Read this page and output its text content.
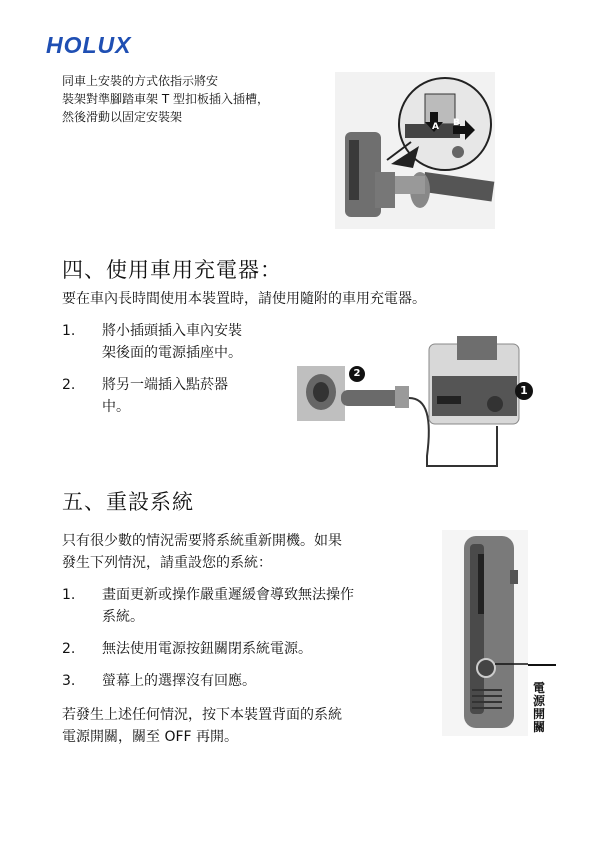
HOLUX
同車上安裝的方式依指示將安
裝架對準腳踏車架 T 型扣板插入插槽，
然後滑動以固定安裝架
A B
四、使用車用充電器：
要在車內長時間使用本裝置時，請使用隨附的車用充電器。
1. 將小插頭插入車內安裝
架後面的電源插座中。
2. 將另一端插入點菸器
中。
2
1
五、重設系統
只有很少數的情況需要將系統重新開機。如果
發生下列情況，請重設您的系統：
1. 畫面更新或操作嚴重遲緩會導致無法操作
系統。
2. 無法使用電源按鈕關閉系統電源。
3. 螢幕上的選擇沒有回應。
若發生上述任何情況，按下本裝置背面的系統
電源開關，關至 OFF 再開。
電
源
開
關
